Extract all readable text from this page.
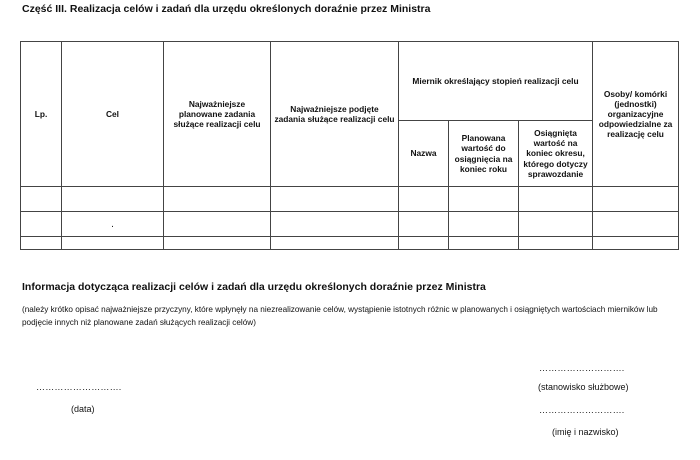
Część III. Realizacja celów i zadań dla urzędu określonych doraźnie przez Ministra
Lp.	Cel	Najważniejsze planowane zadania służące realizacji celu	Najważniejsze podjęte zadania służące realizacji celu	Miernik określający stopień realizacji celu			Osoby/ komórki (jednostki) organizacyjne odpowiedzialne za realizację celu
				Nazwa	Planowana wartość do osiągnięcia na koniec roku	Osiągnięta wartość na koniec okresu, którego dotyczy sprawozdanie	

	.						

Informacja dotycząca realizacji celów i zadań dla urzędu określonych doraźnie przez Ministra
(należy krótko opisać najważniejsze przyczyny, które wpłynęły na niezrealizowanie celów, wystąpienie istotnych różnic w planowanych i osiągniętych wartościach mierników lub podjęcie innych niż planowane zadań służących realizacji celów)
……………………….
(data)
……………………….
(stanowisko służbowe)
……………………….
(imię i nazwisko)
